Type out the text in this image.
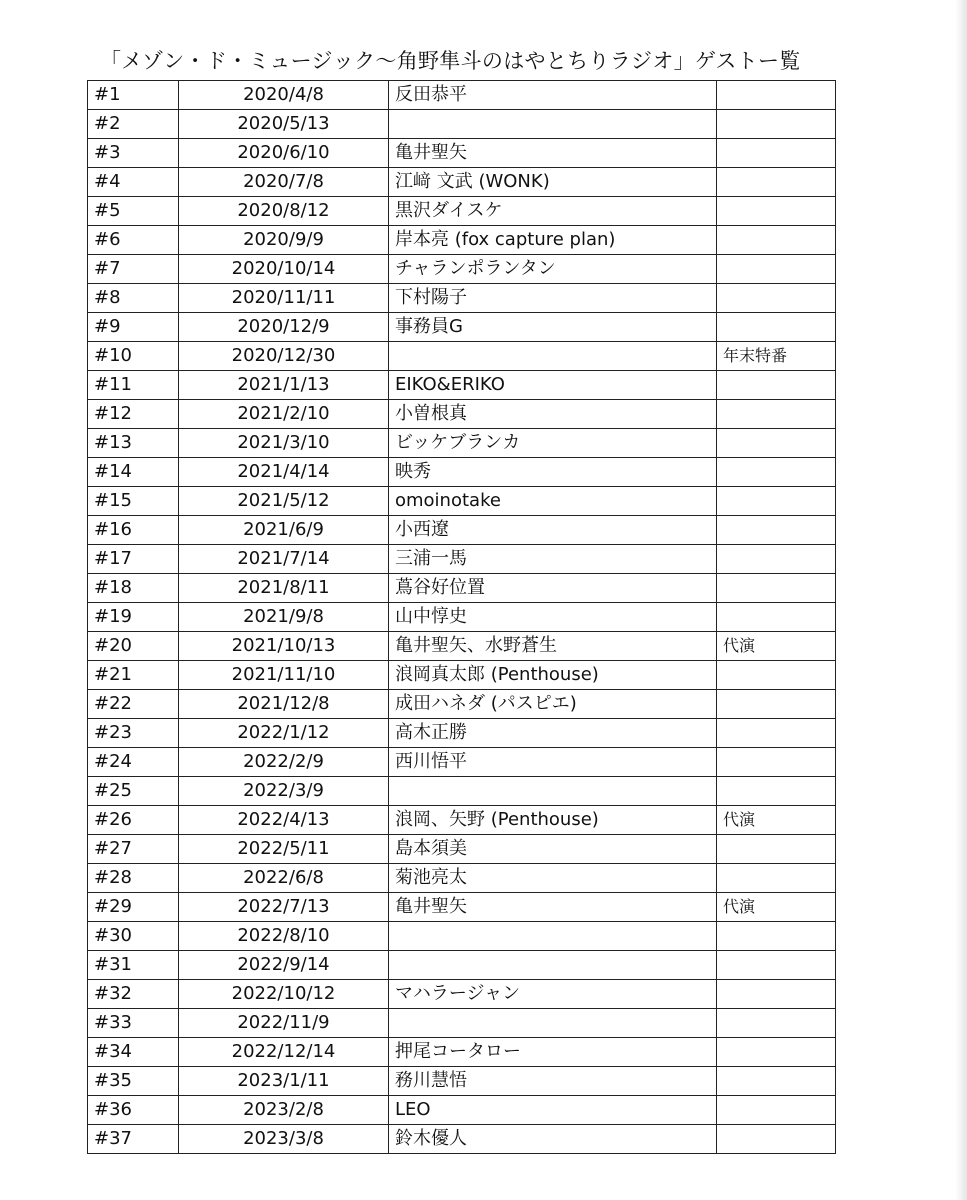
「メゾン・ド・ミュージック〜角野隼斗のはやとちりラジオ」ゲストー覧
#1	2020/4/8	反田恭平	
#2	2020/5/13		
#3	2020/6/10	亀井聖矢	
#4	2020/7/8	江﨑 文武 (WONK)	
#5	2020/8/12	黒沢ダイスケ	
#6	2020/9/9	岸本亮 (fox capture plan)	
#7	2020/10/14	チャランポランタン	
#8	2020/11/11	下村陽子	
#9	2020/12/9	事務員G	
#10	2020/12/30		年末特番
#11	2021/1/13	EIKO&ERIKO	
#12	2021/2/10	小曽根真	
#13	2021/3/10	ビッケブランカ	
#14	2021/4/14	映秀	
#15	2021/5/12	omoinotake	
#16	2021/6/9	小西遼	
#17	2021/7/14	三浦一馬	
#18	2021/8/11	蔦谷好位置	
#19	2021/9/8	山中惇史	
#20	2021/10/13	亀井聖矢、水野蒼生	代演
#21	2021/11/10	浪岡真太郎 (Penthouse)	
#22	2021/12/8	成田ハネダ (パスピエ)	
#23	2022/1/12	高木正勝	
#24	2022/2/9	西川悟平	
#25	2022/3/9		
#26	2022/4/13	浪岡、矢野 (Penthouse)	代演
#27	2022/5/11	島本須美	
#28	2022/6/8	菊池亮太	
#29	2022/7/13	亀井聖矢	代演
#30	2022/8/10		
#31	2022/9/14		
#32	2022/10/12	マハラージャン	
#33	2022/11/9		
#34	2022/12/14	押尾コータロー	
#35	2023/1/11	務川慧悟	
#36	2023/2/8	LEO	
#37	2023/3/8	鈴木優人	
